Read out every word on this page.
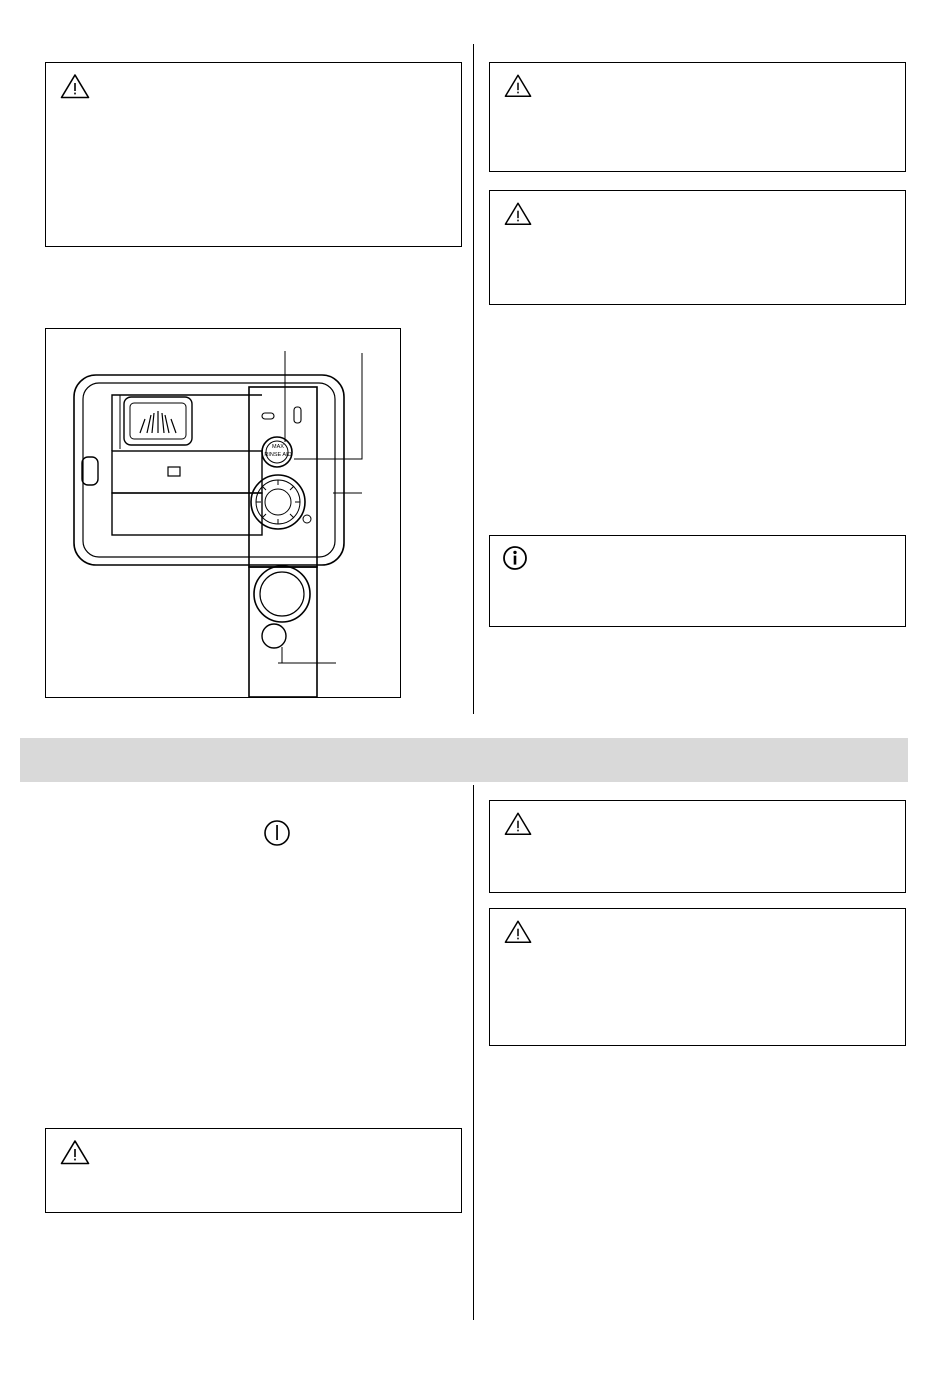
MAX
RINSE AID
